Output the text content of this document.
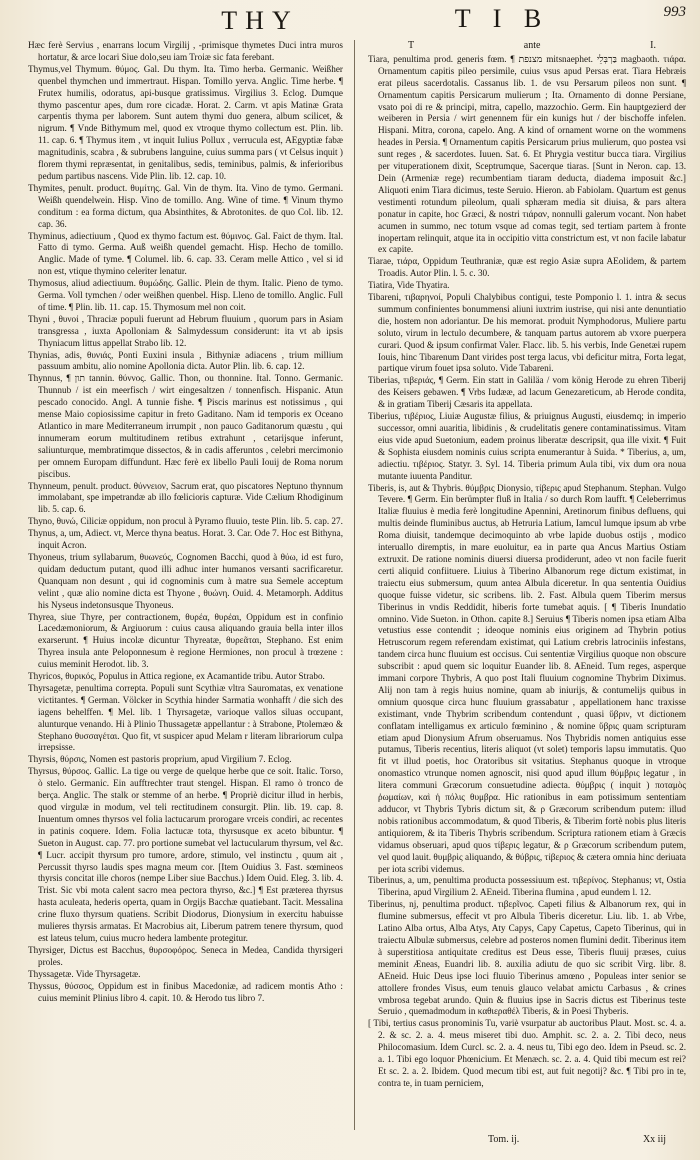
THY	T I B	993

Hæc ferè Servius , enarrans locum Virgilij , -primisque thymetes Duci intra muros hortatur, & arce locari Siue dolo,seu iam Troiæ sic fata ferebant.

Thymus,vel Thymum. θύμος. Gal. Du thym. Ita. Timo herba. Germanic. Weißher quenbel thymchen und immertraut. Hispan. Tomillo yerva. Anglic. Time herbe. ¶ Frutex humilis, odoratus, api-busque gratissimus. Virgilius 3. Eclog. Dumque thymo pascentur apes, dum rore cicadæ. Horat. 2. Carm. vt apis Matinæ Grata carpentis thyma per laborem. Sunt autem thymi duo genera, album scilicet, & nigrum. ¶ Vnde Bithymum mel, quod ex vtroque thymo collectum est. Plin. lib. 11. cap. 6. ¶ Thymus item , vt inquit Iulius Pollux , verrucula est, AEgyptiæ fabæ magnitudinis, scabra , & subrubens languine, cuius summa pars ( vt Celsus inquit ) florem thymi repræsentat, in genitalibus, sedis, teminibus, palmis, & inferioribus pedum partibus nascens. Vide Plin. lib. 12. cap. 10.

Thymites, penult. product. θυμίτης. Gal. Vin de thym. Ita. Vino de tymo. Germani. Weißh quendelwein. Hisp. Vino de tomillo. Ang. Wine of time. ¶ Vinum thymo conditum : ea forma dictum, qua Absinthites, & Abrotonites. de quo Col. lib. 12. cap. 36.

Thyminus, adiectiuum , Quod ex thymo factum est. θύμινος. Gal. Faict de thym. Ital. Fatto di tymo. Germa. Auß weißh quendel gemacht. Hisp. Hecho de tomillo. Anglic. Made of tyme. ¶ Columel. lib. 6. cap. 33. Ceram melle Attico , vel si id non est, vtique thymino celeriter lenatur.

Thymosus, aliud adiectiuum. θυμώδης. Gallic. Plein de thym. Italic. Pieno de tymo. Germa. Voll tymchen / oder weißhen quenbel. Hisp. Lleno de tomillo. Anglic. Full of time. ¶ Plin. lib. 11. cap. 15. Thymosum mel non coit.

Thyni , θυνοί , Thraciæ populi fuerunt ad Hebrum fluuium , quorum pars in Asiam transgressa , iuxta Apolloniam & Salmydessum considerunt: ita vt ab ipsis Thyniacum littus appellat Strabo lib. 12.

Thynias, adis, θυνιάς, Ponti Euxini insula , Bithyniæ adiacens , trium millium passuum ambitu, alio nomine Apollonia dicta. Autor Plin. lib. 6. cap. 12.

Thynnus, ¶ תון tannin. θύννος. Gallic. Thon, ou thonnine. Ital. Tonno. Germanic. Thunnub / ist ein meerfisch / wirt eingesaltzen / tonnenfisch. Hispanic. Atun pescado conocido. Angl. A tunnie fishe. ¶ Piscis marinus est notissimus , qui mense Maio copiosissime capitur in freto Gaditano. Nam id temporis ex Oceano Atlantico in mare Mediterraneum irrumpit , non pauco Gaditanorum quæstu , qui innumeram eorum multitudinem retibus extrahunt , cetarijsque inferunt, saliunturque, membratimque dissectos, & in cadis afferuntos , celebri mercimonio per omnem Europam diffundunt. Hæc ferè ex libello Pauli Iouij de Roma norum piscibus.

Thynneum, penult. product. θύννειον, Sacrum erat, quo piscatores Neptuno thynnum immolabant, spe impetrandæ ab illo fœlicioris capturæ. Vide Cælium Rhodiginum lib. 5. cap. 6.

Thyno, θυνώ, Ciliciæ oppidum, non procul à Pyramo fluuio, teste Plin. lib. 5. cap. 27.

Thynus, a, um, Adiect. vt, Merce thyna beatus. Horat. 3. Car. Ode 7. Hoc est Bithyna, inquit Acron.

Thyoneus, trium syllabarum, θυωνεύς, Cognomen Bacchi, quod à θύω, id est furo, quidam deductum putant, quod illi adhuc inter humanos versanti sacrificaretur. Quanquam non desunt , qui id cognominis cum à matre sua Semele acceptum velint , quæ alio nomine dicta est Thyone , θυώνη. Ouid. 4. Metamorph. Additus his Nyseus indetonsusque Thyoneus.

Thyrea, siue Thyre, per contractionem, θυρέα, θυρέαι, Oppidum est in confinio Lacedæmoniorum, & Argiuorum : cuius causa aliquando grauia bella inter illos exarserunt. ¶ Huius incolæ dicuntur Thyreatæ, θυρεᾶται, Stephano. Est enim Thyrea insula ante Peloponnesum è regione Hermiones, non procul à trœzene : cuius meminit Herodot. lib. 3.

Thyricos, θυρικός, Populus in Attica regione, ex Acamantide tribu. Autor Strabo.

Thyrsagetæ, penultima correpta. Populi sunt Scythiæ vltra Sauromatas, ex venatione victitantes. ¶ German. Völcker in Scythia hinder Sarmatia wonhafft / die sich des iagens behelffen. ¶ Mel. lib. 1 Thyrsagetæ, varioque vallos siluas occupant, alunturque venando. Hi à Plinio Thussagetæ appellantur : à Strabone, Ptolemæo & Stephano θυσσαγέται. Quo fit, vt suspicer apud Melam r literam librariorum culpa irrepsisse.

Thyrsis, θύρσις, Nomen est pastoris proprium, apud Virgilium 7. Eclog.

Thyrsus, θύρσος. Gallic. La tige ou verge de quelque herbe que ce soit. Italic. Torso, ò stelo. Germanic. Ein aufftrechter traut stengel. Hispan. El ramo ò tronco de berça. Anglic. The stalk or stemme of an herbe. ¶ Propriè dicitur illud in herbis, quod virgulæ in modum, vel teli rectitudinem consurgit. Plin. lib. 19. cap. 8. Inuentum omnes thyrsos vel folia lactucarum prorogare vrceis condiri, ac recentes in patinis coquere. Idem. Folia lactucæ tota, thyrsusque ex aceto bibuntur. ¶ Sueton in August. cap. 77. pro portione sumebat vel lactucularum thyrsum, vel &c. ¶ Lucr. accipit thyrsum pro tumore, ardore, stimulo, vel instinctu , quum ait , Percussit thyrso laudis spes magna meum cor. [Item Ouidius 3. Fast. sœmineos thyrsis concitat ille choros (nempe Liber siue Bacchus.) Idem Ouid. Eleg. 3. lib. 4. Trist. Sic vbi mota calent sacro mea pectora thyrso, &c.] ¶ Est præterea thyrsus hasta aculeata, hederis operta, quam in Orgijs Bacchæ quatiebant. Tacit. Messalina crine fluxo thyrsum quatiens. Scribit Diodorus, Dionysium in exercitu habuisse mulieres thyrsis armatas. Et Macrobius ait, Liberum patrem tenere thyrsum, quod est lateus telum, cuius mucro hedera lambente protegitur.

Thyrsiger, Dictus est Bacchus, θυρσοφόρος. Seneca in Medea, Candida thyrsigeri proles.

Thyssagetæ. Vide Thyrsagetæ.

Thyssus, θύσσος, Oppidum est in finibus Macedoniæ, ad radicem montis Atho : cuius meminit Plinius libro 4. capit. 10. & Herodo tus libro 7.

T	ante	I.

Tiara, penultima prod. generis fœm. ¶ מצנפת mitsnaephet. בַּרְבְּלֵי magbaoth. τιάρα. Ornamentum capitis pileo persimile, cuius vsus apud Persas erat. Tiara Hebræis erat pileus sacerdotalis. Cassanus lib. 1. de vsu Persarum pileos non sunt. ¶ Ornamentum capitis Persicarum mulierum ; Ita. Ornamento di donne Persiane, vsato poi di re & principi, mitra, capello, mazzochio. Germ. Ein hauptgezierd der weiberen in Persia / wirt genennem für ein kunigs hut / der bischoffe infelen. Hispani. Mitra, corona, capelo. Ang. A kind of ornament worne on the wommens heades in Persia. ¶ Ornamentum capitis Persicarum prius mulierum, quo postea vsi sunt reges , & sacerdotes. Iuuen. Sat. 6. Et Phrygia vestitur bucca tiara. Virgilius per vituperationem dixit, Sceptrumque, Sacerque tiaras. [Sunt in Neron. cap. 13. Dein (Armeniæ rege) recumbentiam tiaram deducta, diadema imposuit &c.] Aliquoti enim Tiara dicimus, teste Seruio. Hieron. ab Fabiolam. Quartum est genus vestimenti rotundum pileolum, quali sphæram media sit diuisa, & pars altera ponatur in capite, hoc Græci, & nostri τιάραν, nonnulli galerum vocant. Non habet acumen in summo, nec totum vsque ad comas tegit, sed tertiam partem à fronte inopertam relinquit, atque ita in occipitio vitta constrictum est, vt non facile labatur ex capite.

Tiarae, τιάρα, Oppidum Teuthraniæ, quæ est regio Asiæ supra AEolidem, & partem Troadis. Autor Plin. l. 5. c. 30.

Tiatira, Vide Thyatira.

Tibareni, τιβαρηνοί, Populi Chalybibus contigui, teste Pomponio l. 1. intra & secus summum confinientes bonummensi aliuni iuxtrim iustrise, qui nisi ante denuntiatio die, hostem non adoriantur. De his memorat. produit Nymphodorus, Muliere partu soluto, virum in lectulo decumbere, & tanquam partus autorem ab vxore puerpera curari. Quod & ipsum confirmat Valer. Flacc. lib. 5. his verbis, Inde Genetæi rupem Iouis, hinc Tibarenum Dant virides post terga lacus, vbi deficitur mitra, Forta legat, partique virum fouet ipsa soluto. Vide Tabareni.

Tiberias, τιβεριάς, ¶ Germ. Ein statt in Galiläa / vom könig Herode zu ehren Tiberij des Keisers gebawen. ¶ Vrbs Iudææ, ad lacum Genezareticum, ab Herode condita, & in gratiam Tiberij Cæsaris ita appellata.

Tiberius, τιβέριος, Liuiæ Augustæ filius, & priuignus Augusti, eiusdemq; in imperio successor, omni auaritia, libidinis , & crudelitatis genere contaminatissimus. Vitam eius vide apud Suetonium, eadem proinus liberatæ descripsit, qua ille vixit. ¶ Fuit & Sophista eiusdem nominis cuius scripta enumerantur à Suida. * Tiberius, a, um, adiectiu. τιβέριος. Statyr. 3. Syl. 14. Tiberia primum Aula tibi, vix dum ora noua mutante iuuenta Panditur.

Tiberis, is, aut & Thybris. θύμβρις Dionysio, τίβερις apud Stephanum. Stephan. Vulgo Tevere. ¶ Germ. Ein berümpter fluß in Italia / so durch Rom laufft. ¶ Celeberrimus Italiæ fluuius è media ferè longitudine Apennini, Aretinorum finibus defluens, qui multis deinde fluminibus auctus, ab Hetruria Latium, Iamcul lumque ipsum ab vrbe Roma diuisit, tandemque decimoquinto ab vrbe lapide duobus ostijs , modico interuallo diremptis, in mare euoluitur, ea in parte qua Ancus Martius Ostiam extruxit. De ratione nominis diuersi diuersa prodiderunt, adeo vt non facile fuerit certi aliquid confiituere. Liuius à Tiberino Albanorum rege dictum existimat, in traiectu eius submersum, quum antea Albula diceretur. In qua sententia Ouidius quoque fuisse videtur, sic scribens. lib. 2. Fast. Albula quem Tiberim mersus Tiberinus in vndis Reddidit, hiberis forte tumebat aquis. [ ¶ Tiberis Inundatio omnino. Vide Sueton. in Othon. capite 8.] Seruius ¶ Tiberis nomen ipsa etiam Alba vetustius esse contendit ; ideoque nominis eius originem ad Thybrin potius Hetruscorum regem referendam existimat, qui Latium crebris latrociniis infestans, tandem circa hunc fluuium est occisus. Cui sententiæ Virgilius quoque non obscure subscribit : apud quem sic loquitur Euander lib. 8. AEneid. Tum reges, asperque immani corpore Thybris, A quo post Itali fluuium cognomine Thybrim Diximus. Alij non tam à regis huius nomine, quam ab iniurijs, & contumelijs quibus in omnium quosque circa hunc fluuium grassabatur , appellationem hanc traxisse existimant, vnde Thybrim scribendum contendunt , quasi ὕβριν, vt dictionem conflatam intelligamus ex articulo fœminino , & nomine ὕβρις quam scripturam etiam apud Dionysium Afrum obseruamus. Nos Thybridis nomen antiquius esse putamus, Tiberis recentius, literis aliquot (vt solet) temporis lapsu immutatis. Quo fit vt illud poetis, hoc Oratoribus sit vsitatius. Stephanus quoque in vtroque onomastico vtrunque nomen agnoscit, nisi quod apud illum θύμβρις legatur , in litera communi Græcorum consuetudine adiecta. θύμβρις ( inquit ) ποταμὸς ῥωμαίων, καὶ ἡ πόλις θυμβρα. Hic rationibus in eam potissimum sententiam adducor, vt Thybris Tybris dictum sit, & ρ Græcorum scribendum putem: illud nobis rationibus accommodatum, & quod Tiberis, & Tiberim fortè nobis plus literis antiquiorem, & ita Tiberis Thybris scribendum. Scriptura rationem etiam à Græcis vidamus obseruari, apud quos τίβερις legatur, & ρ Græcorum scribendum putem, vel quod lauit. θυμβρὶς aliquando, & θύβρις, τίβεριος & cætera omnia hinc deriuata per iota scribi videmus.

Tiberinus, a, um, penultima producta possessiuum est. τιβερίνος. Stephanus; vt, Ostia Tiberina, apud Virgilium 2. AEneid. Tiberina flumina , apud eundem l. 12.

Tiberinus, nj, penultima product. τιβερῖνος. Capeti filius & Albanorum rex, qui in flumine submersus, effecit vt pro Albula Tiberis diceretur. Liu. lib. 1. ab Vrbe, Latino Alba ortus, Alba Atys, Aty Capys, Capy Capetus, Capeto Tiberinus, qui in traiectu Albulæ submersus, celebre ad posteros nomen flumini dedit. Tiberinus item à superstitiosa antiquitate creditus est Deus esse, Tiberis fluuij præses, cuius meminit Æneas, Euandri lib. 8. auxilia adiutu de quo sic scribit Virg. libr. 8. AEneid. Huic Deus ipse loci fluuio Tiberinus amœno , Populeas inter senior se attollere frondes Visus, eum tenuis glauco velabat amictu Carbasus , & crines vmbrosa tegebat arundo. Quin & fluuius ipse in Sacris dictus est Tiberinus teste Seruio , quemadmodum in καθιεραθέλ Tiberis, & in Poesi Thyberis.

[ Tibi, tertius casus pronominis Tu, variè vsurpatur ab auctoribus Plaut. Most. sc. 4. a. 2. & sc. 2. a. 4. meus miseret tibi duo. Amphit. sc. 2. a. 2. Tibi deco, neus Philocomasium. Idem Curcl. sc. 2. a. 4. neus tu, Tibi ego deo. Idem in Pseud. sc. 2. a. 1. Tibi ego loquor Phœnicium. Et Menæch. sc. 2. a. 4. Quid tibi mecum est rei? Et sc. 2. a. 2. Ibidem. Quod mecum tibi est, aut fuit negotij? &c. ¶ Tibi pro in te, contra te, in tuam perniciem,

Tom. ij.	Xx iij
